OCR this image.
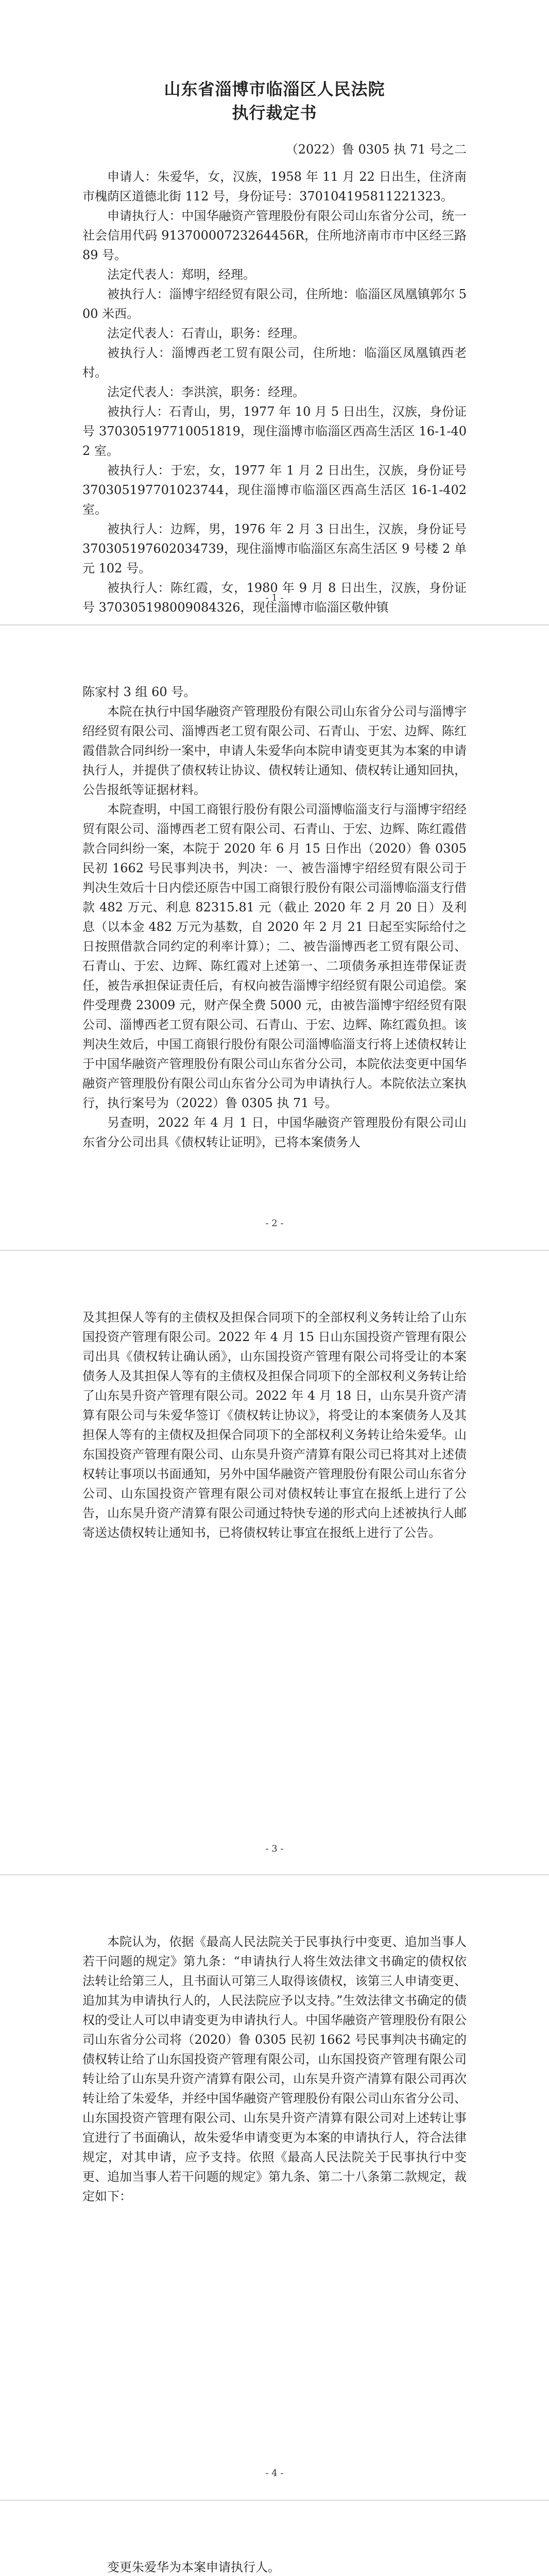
山东省淄博市临淄区人民法院
执行裁定书
（2022）鲁 0305 执 71 号之二

申请人：朱爱华，女，汉族，1958 年 11 月 22 日出生，住济南市槐荫区道德北街 112 号，身份证号：370104195811221323。

申请执行人：中国华融资产管理股份有限公司山东省分公司，统一社会信用代码 91370000723264456R，住所地济南市市中区经三路 89 号。

法定代表人：郑明，经理。

被执行人：淄博宇绍经贸有限公司，住所地：临淄区凤凰镇郭尔 500 米西。

法定代表人：石青山，职务：经理。

被执行人：淄博西老工贸有限公司，住所地：临淄区凤凰镇西老村。

法定代表人：李洪滨，职务：经理。

被执行人：石青山，男，1977 年 10 月 5 日出生，汉族，身份证号 370305197710051819，现住淄博市临淄区西高生活区 16-1-402 室。

被执行人：于宏，女，1977 年 1 月 2 日出生，汉族，身份证号 370305197701023744，现住淄博市临淄区西高生活区 16-1-402 室。

被执行人：边辉，男，1976 年 2 月 3 日出生，汉族，身份证号 370305197602034739，现住淄博市临淄区东高生活区 9 号楼 2 单元 102 号。

被执行人：陈红霞，女，1980 年 9 月 8 日出生，汉族，身份证号 370305198009084326，现住淄博市临淄区敬仲镇

- 1 -

陈家村 3 组 60 号。

本院在执行中国华融资产管理股份有限公司山东省分公司与淄博宇绍经贸有限公司、淄博西老工贸有限公司、石青山、于宏、边辉、陈红霞借款合同纠纷一案中，申请人朱爱华向本院申请变更其为本案的申请执行人，并提供了债权转让协议、债权转让通知、债权转让通知回执，公告报纸等证据材料。

本院查明，中国工商银行股份有限公司淄博临淄支行与淄博宇绍经贸有限公司、淄博西老工贸有限公司、石青山、于宏、边辉、陈红霞借款合同纠纷一案，本院于 2020 年 6 月 15 日作出（2020）鲁 0305 民初 1662 号民事判决书，判决：一、被告淄博宇绍经贸有限公司于判决生效后十日内偿还原告中国工商银行股份有限公司淄博临淄支行借款 482 万元、利息 82315.81 元（截止 2020 年 2 月 20 日）及利息（以本金 482 万元为基数，自 2020 年 2 月 21 日起至实际给付之日按照借款合同约定的利率计算）；二、被告淄博西老工贸有限公司、石青山、于宏、边辉、陈红霞对上述第一、二项债务承担连带保证责任，被告承担保证责任后，有权向被告淄博宇绍经贸有限公司追偿。案件受理费 23009 元，财产保全费 5000 元，由被告淄博宇绍经贸有限公司、淄博西老工贸有限公司、石青山、于宏、边辉、陈红霞负担。该判决生效后，中国工商银行股份有限公司淄博临淄支行将上述债权转让于中国华融资产管理股份有限公司山东省分公司，本院依法变更中国华融资产管理股份有限公司山东省分公司为申请执行人。本院依法立案执行，执行案号为（2022）鲁 0305 执 71 号。

另查明，2022 年 4 月 1 日，中国华融资产管理股份有限公司山东省分公司出具《债权转让证明》，已将本案债务人

- 2 -

及其担保人等有的主债权及担保合同项下的全部权利义务转让给了山东国投资产管理有限公司。2022 年 4 月 15 日山东国投资产管理有限公司出具《债权转让确认函》，山东国投资产管理有限公司将受让的本案债务人及其担保人等有的主债权及担保合同项下的全部权利义务转让给了山东昊升资产管理有限公司。2022 年 4 月 18 日，山东昊升资产清算有限公司与朱爱华签订《债权转让协议》，将受让的本案债务人及其担保人等有的主债权及担保合同项下的全部权利义务转让给朱爱华。山东国投资产管理有限公司、山东昊升资产清算有限公司已将其对上述债权转让事项以书面通知，另外中国华融资产管理股份有限公司山东省分公司、山东国投资产管理有限公司对债权转让事宜在报纸上进行了公告，山东昊升资产清算有限公司通过特快专递的形式向上述被执行人邮寄送达债权转让通知书，已将债权转让事宜在报纸上进行了公告。

- 3 -

本院认为，依据《最高人民法院关于民事执行中变更、追加当事人若干问题的规定》第九条：“申请执行人将生效法律文书确定的债权依法转让给第三人，且书面认可第三人取得该债权，该第三人申请变更、追加其为申请执行人的，人民法院应予以支持。”生效法律文书确定的债权的受让人可以申请变更为申请执行人。中国华融资产管理股份有限公司山东省分公司将（2020）鲁 0305 民初 1662 号民事判决书确定的债权转让给了山东国投资产管理有限公司，山东国投资产管理有限公司转让给了山东昊升资产清算有限公司，山东昊升资产清算有限公司再次转让给了朱爱华，并经中国华融资产管理股份有限公司山东省分公司、山东国投资产管理有限公司、山东昊升资产清算有限公司对上述转让事宜进行了书面确认，故朱爱华申请变更为本案的申请执行人，符合法律规定，对其申请，应予支持。依照《最高人民法院关于民事执行中变更、追加当事人若干问题的规定》第九条、第二十八条第二款规定，裁定如下：

- 4 -

变更朱爱华为本案申请执行人。
